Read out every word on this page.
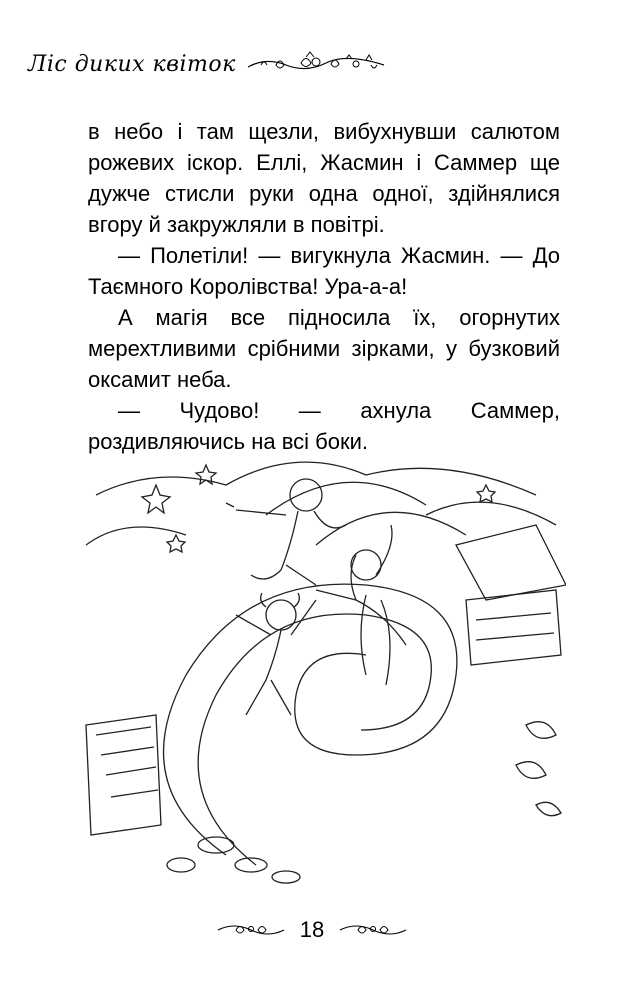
Ліс диких квіток

в небо і там щезли, вибухнувши салютом рожевих іскор. Еллі, Жасмин і Саммер ще дужче стисли руки одна одної, здійнялися вгору й закружляли в повітрі.

— Полетіли! — вигукнула Жасмин. — До Таємного Королівства! Ура-а-а!

А магія все підносила їх, огорнутих мерехтливими срібними зірками, у бузковий оксамит неба.

— Чудово! — ахнула Саммер, роздивляючись на всі боки.

18
